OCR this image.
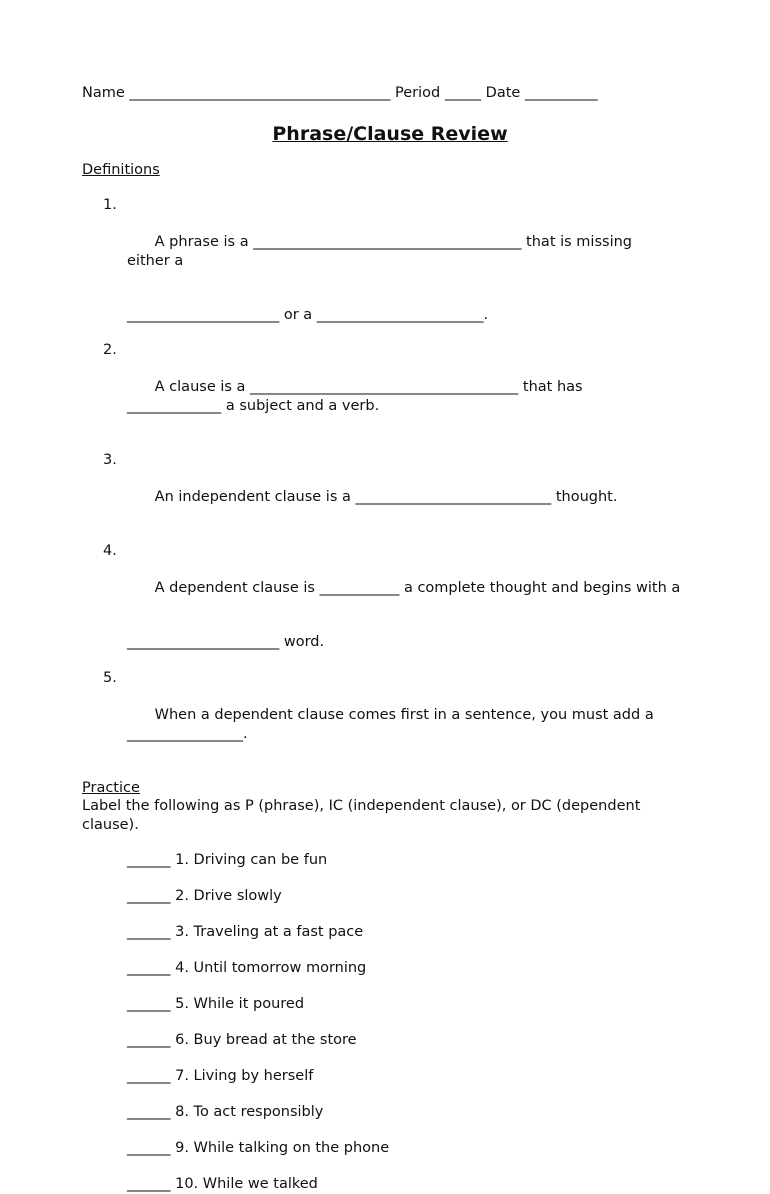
Name ____________________________________ Period _____ Date __________
Phrase/Clause Review
Definitions

1.

A phrase is a _____________________________________ that is missing
either a

_____________________ or a _______________________.

2.

A clause is a _____________________________________ that has
_____________ a subject and a verb.

3.

An independent clause is a ___________________________ thought.

4.

A dependent clause is ___________ a complete thought and begins with a

_____________________ word.

5.

When a dependent clause comes first in a sentence, you must add a
________________.

Practice
Label the following as P (phrase), IC (independent clause), or DC (dependent
clause).
______ 1. Driving can be fun
______ 2. Drive slowly
______ 3. Traveling at a fast pace
______ 4. Until tomorrow morning
______ 5. While it poured
______ 6. Buy bread at the store
______ 7. Living by herself
______ 8. To act responsibly
______ 9. While talking on the phone
______ 10. While we talked
